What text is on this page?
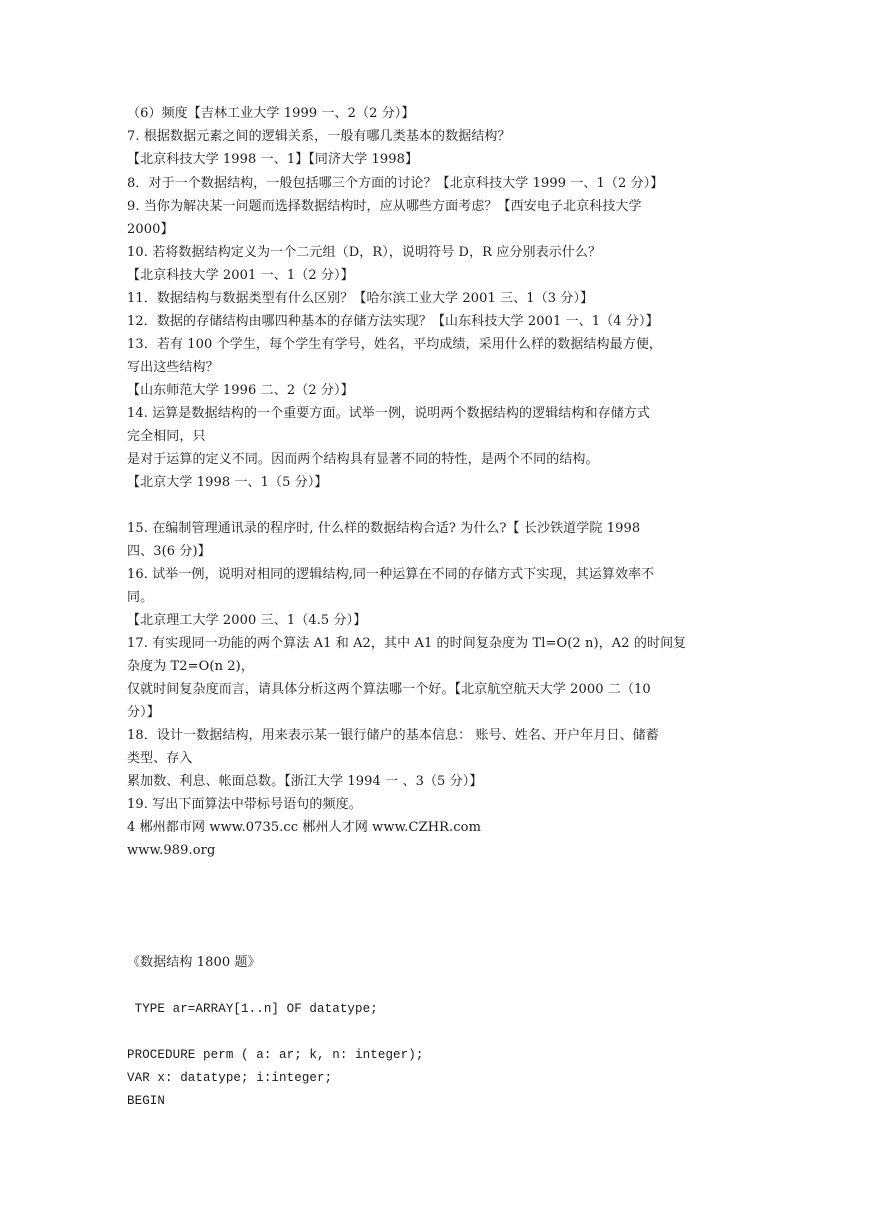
（6）频度【吉林工业大学 1999 一、2（2 分）】
7. 根据数据元素之间的逻辑关系，一般有哪几类基本的数据结构？
【北京科技大学 1998 一、1】【同济大学 1998】
8．对于一个数据结构，一般包括哪三个方面的讨论？【北京科技大学 1999 一、1（2 分）】
9. 当你为解决某一问题而选择数据结构时，应从哪些方面考虑？【西安电子北京科技大学
2000】
10. 若将数据结构定义为一个二元组（D，R），说明符号 D，R 应分别表示什么？
【北京科技大学 2001 一、1（2 分）】
11．数据结构与数据类型有什么区别？【哈尔滨工业大学 2001 三、1（3 分）】
12．数据的存储结构由哪四种基本的存储方法实现？【山东科技大学 2001 一、1（4 分）】
13．若有 100 个学生，每个学生有学号，姓名，平均成绩，采用什么样的数据结构最方便，
写出这些结构？
【山东师范大学 1996 二、2（2 分）】
14. 运算是数据结构的一个重要方面。试举一例，说明两个数据结构的逻辑结构和存储方式
完全相同，只
是对于运算的定义不同。因而两个结构具有显著不同的特性，是两个不同的结构。
【北京大学 1998 一、1（5 分）】
15. 在编制管理通讯录的程序时, 什么样的数据结构合适? 为什么?【 长沙铁道学院 1998
四、3(6 分)】
16. 试举一例，说明对相同的逻辑结构,同一种运算在不同的存储方式下实现，其运算效率不
同。
【北京理工大学 2000 三、1（4.5 分）】
17. 有实现同一功能的两个算法 A1 和 A2，其中 A1 的时间复杂度为 Tl=O(2 n)，A2 的时间复
杂度为 T2=O(n 2)，
仅就时间复杂度而言，请具体分析这两个算法哪一个好。【北京航空航天大学 2000 二（10
分）】
18．设计一数据结构，用来表示某一银行储户的基本信息： 账号、姓名、开户年月日、储蓄
类型、存入
累加数、利息、帐面总数。【浙江大学 1994 一 、3（5 分）】
19. 写出下面算法中带标号语句的频度。
4 郴州都市网 www.0735.cc 郴州人才网 www.CZHR.com
www.989.org
《数据结构 1800 题》
TYPE ar=ARRAY[1..n] OF datatype;
PROCEDURE perm ( a: ar; k, n: integer);
VAR x: datatype; i:integer;
BEGIN
